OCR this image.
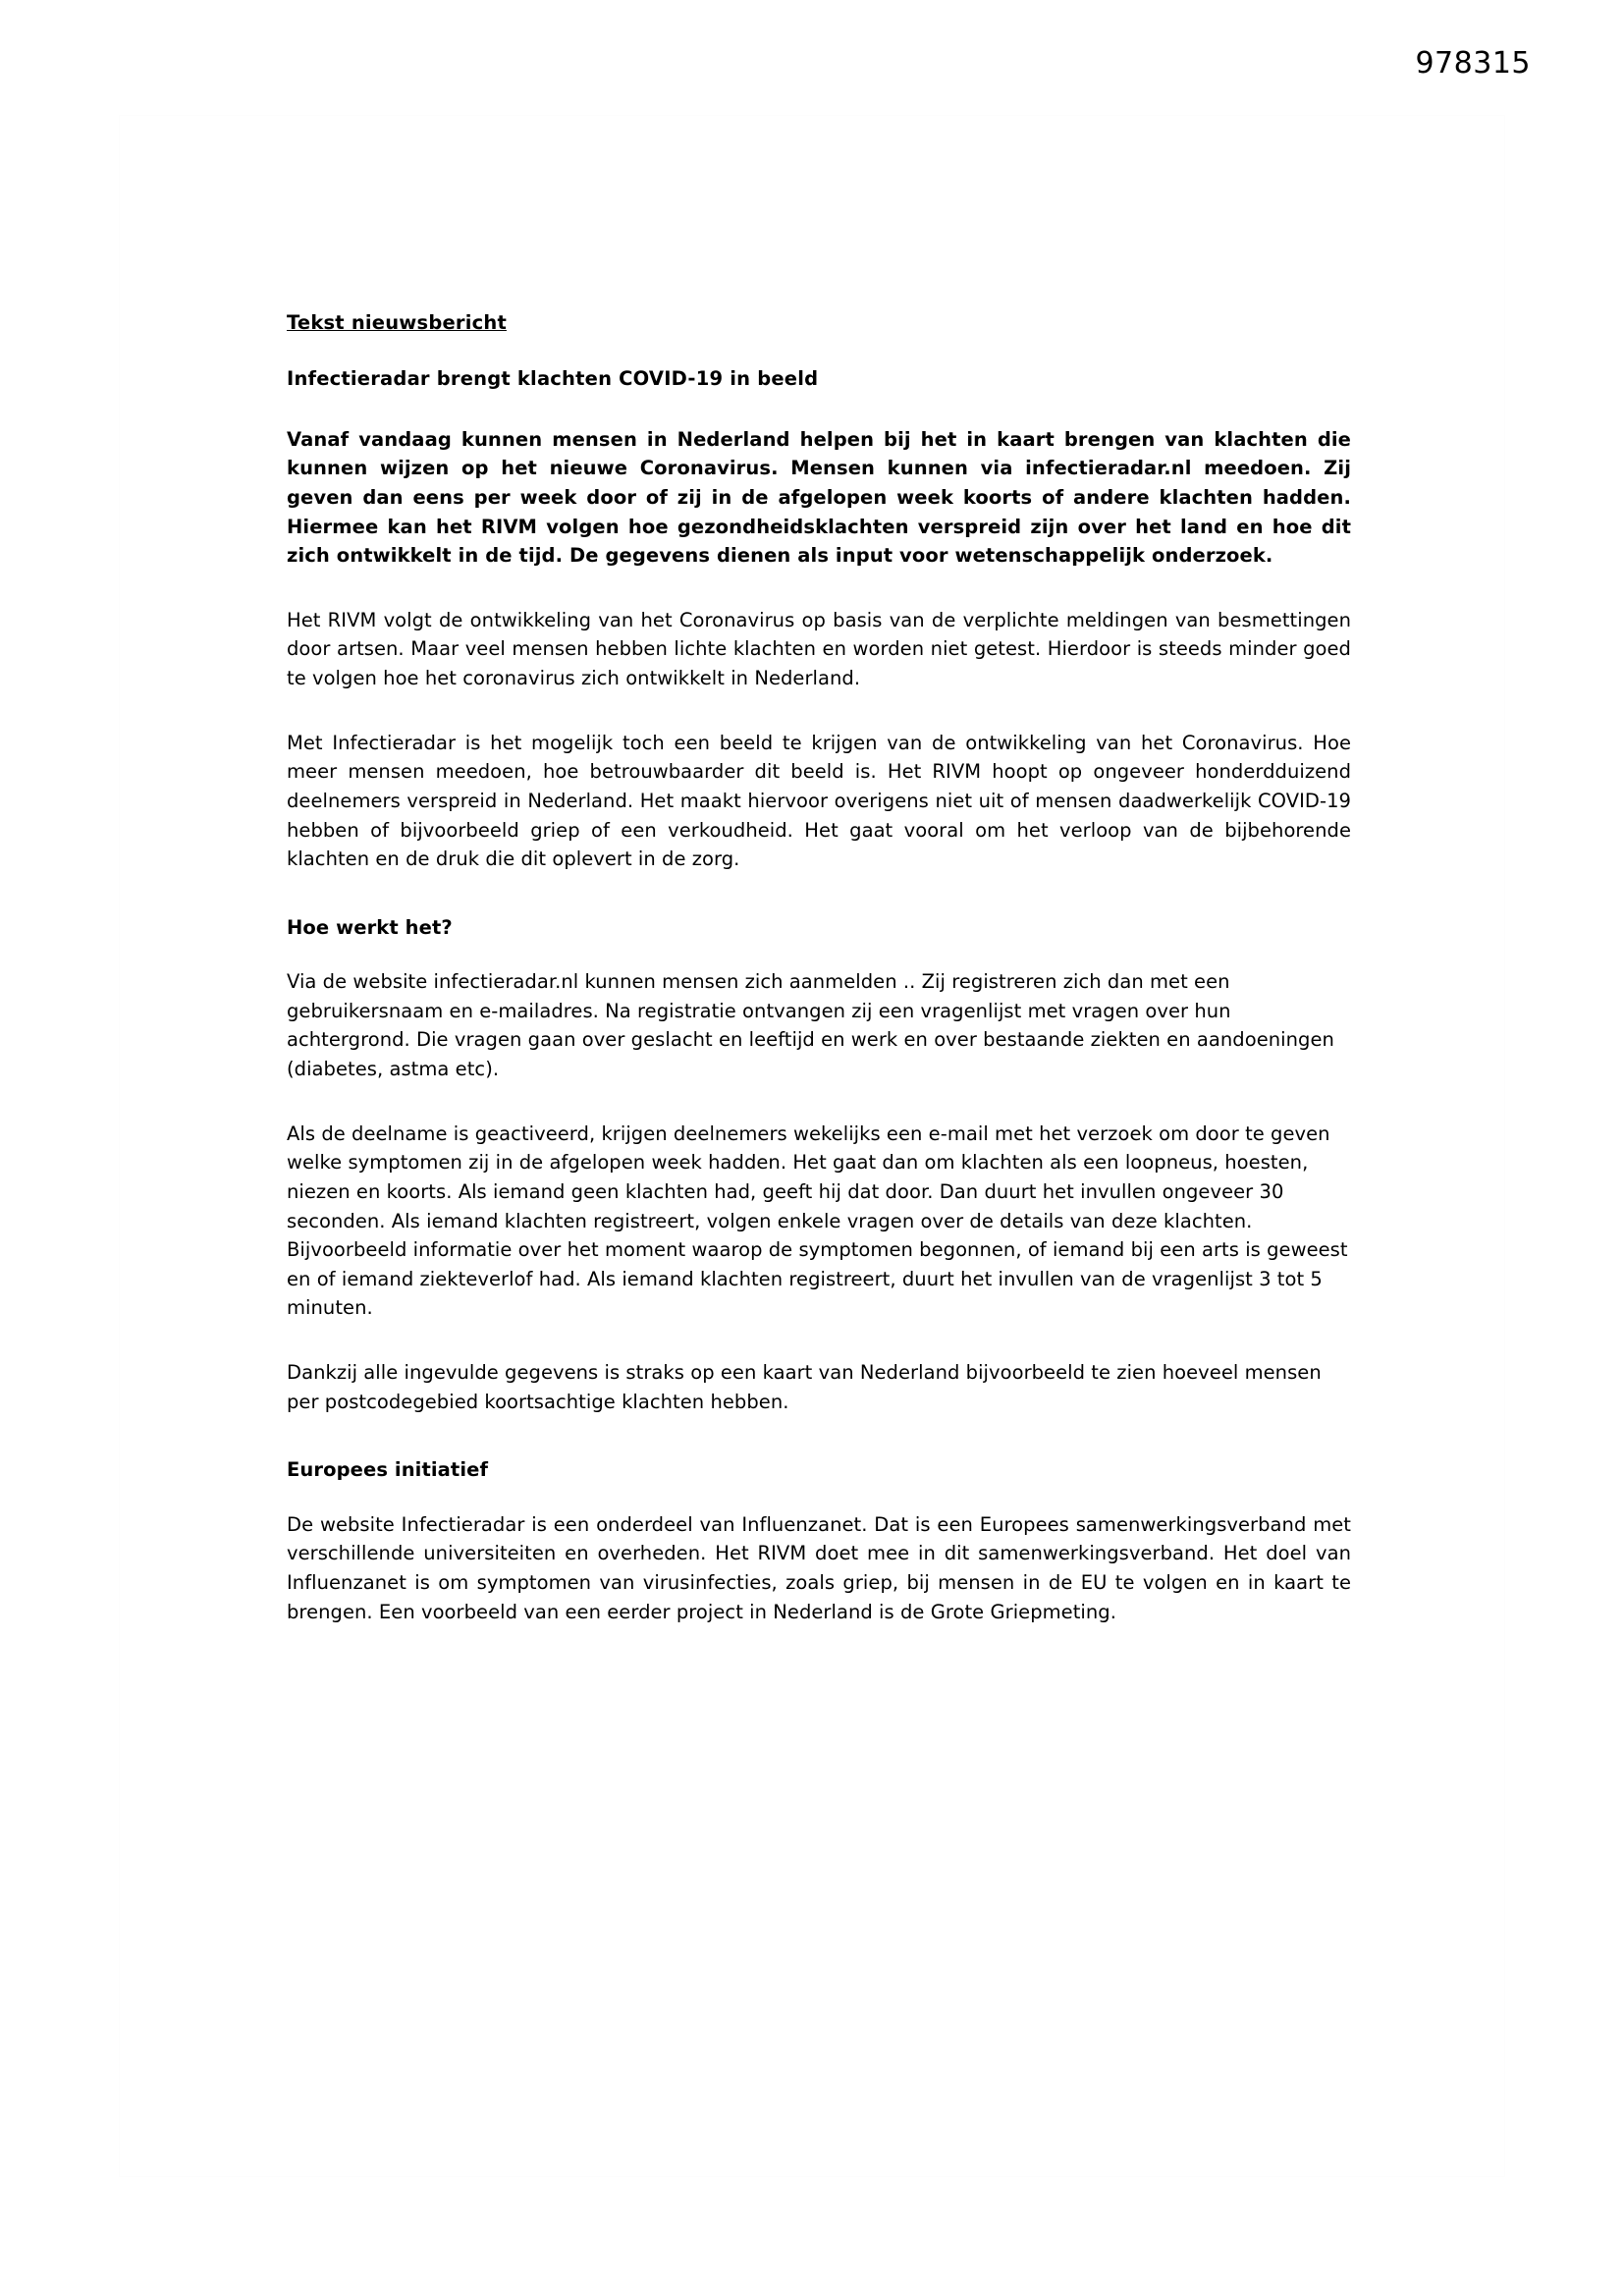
978315
Tekst nieuwsbericht
Infectieradar brengt klachten COVID-19 in beeld

Vanaf vandaag kunnen mensen in Nederland helpen bij het in kaart brengen van klachten die kunnen wijzen op het nieuwe Coronavirus. Mensen kunnen via infectieradar.nl meedoen. Zij geven dan eens per week door of zij in de afgelopen week koorts of andere klachten hadden. Hiermee kan het RIVM volgen hoe gezondheidsklachten verspreid zijn over het land en hoe dit zich ontwikkelt in de tijd. De gegevens dienen als input voor wetenschappelijk onderzoek.

Het RIVM volgt de ontwikkeling van het Coronavirus op basis van de verplichte meldingen van besmettingen door artsen. Maar veel mensen hebben lichte klachten en worden niet getest. Hierdoor is steeds minder goed te volgen hoe het coronavirus zich ontwikkelt in Nederland.

Met Infectieradar is het mogelijk toch een beeld te krijgen van de ontwikkeling van het Coronavirus. Hoe meer mensen meedoen, hoe betrouwbaarder dit beeld is. Het RIVM hoopt op ongeveer honderdduizend deelnemers verspreid in Nederland. Het maakt hiervoor overigens niet uit of mensen daadwerkelijk COVID-19 hebben of bijvoorbeeld griep of een verkoudheid. Het gaat vooral om het verloop van de bijbehorende klachten en de druk die dit oplevert in de zorg.

Hoe werkt het?

Via de website infectieradar.nl kunnen mensen zich aanmelden .. Zij registreren zich dan met een gebruikersnaam en e-mailadres. Na registratie ontvangen zij een vragenlijst met vragen over hun achtergrond. Die vragen gaan over geslacht en leeftijd en werk en over bestaande ziekten en aandoeningen (diabetes, astma etc).

Als de deelname is geactiveerd, krijgen deelnemers wekelijks een e-mail met het verzoek om door te geven welke symptomen zij in de afgelopen week hadden. Het gaat dan om klachten als een loopneus, hoesten, niezen en koorts. Als iemand geen klachten had, geeft hij dat door. Dan duurt het invullen ongeveer 30 seconden. Als iemand klachten registreert, volgen enkele vragen over de details van deze klachten. Bijvoorbeeld informatie over het moment waarop de symptomen begonnen, of iemand bij een arts is geweest en of iemand ziekteverlof had. Als iemand klachten registreert, duurt het invullen van de vragenlijst 3 tot 5 minuten.

Dankzij alle ingevulde gegevens is straks op een kaart van Nederland bijvoorbeeld te zien hoeveel mensen per postcodegebied koortsachtige klachten hebben.

Europees initiatief

De website Infectieradar is een onderdeel van Influenzanet. Dat is een Europees samenwerkingsverband met verschillende universiteiten en overheden. Het RIVM doet mee in dit samenwerkingsverband. Het doel van Influenzanet is om symptomen van virusinfecties, zoals griep, bij mensen in de EU te volgen en in kaart te brengen. Een voorbeeld van een eerder project in Nederland is de Grote Griepmeting.
